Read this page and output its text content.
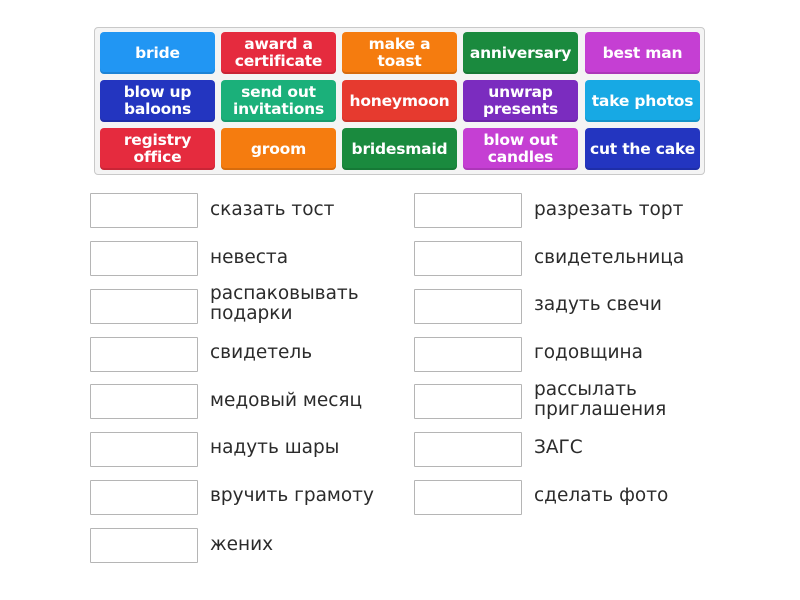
bride	award a
certificate
make a toast	anniversary best man
blow up
baloons
send out
invitations honeymoon	unwrap
presents take photos
registry
office	groom	bridesmaid blow out
candles	cut the cake
сказать тост
невеста
распаковывать
подарки
свидетель
медовый месяц
надуть шары
вручить грамоту
жених
разрезать торт
свидетельница
задуть свечи
годовщина
рассылать
приглашения
ЗАГС
сделать фото
